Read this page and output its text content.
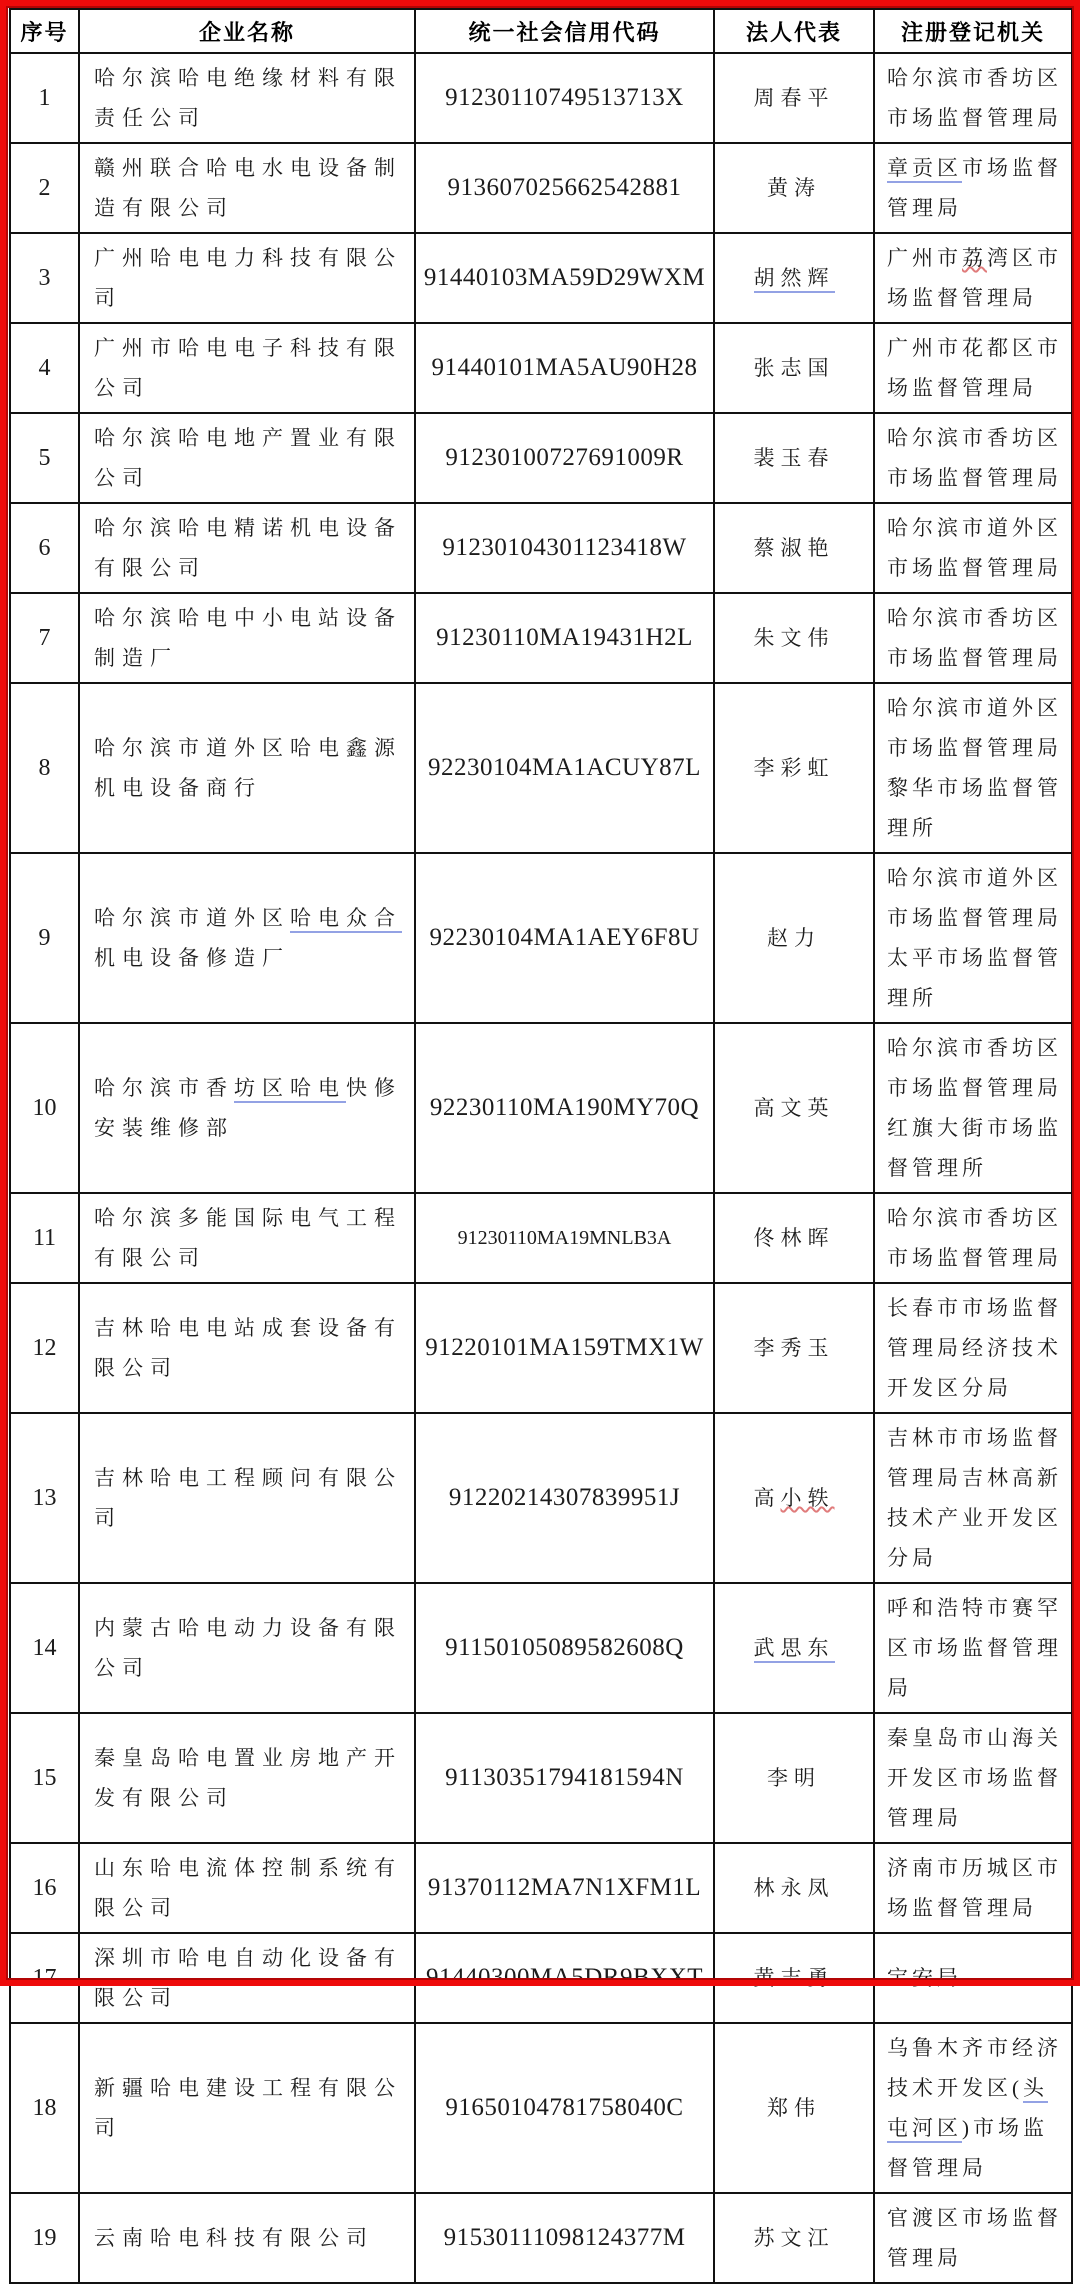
序号	企业名称	统一社会信用代码	法人代表	注册登记机关
1	哈尔滨哈电绝缘材料有限责任公司	91230110749513713X	周春平	哈尔滨市香坊区市场监督管理局
2	赣州联合哈电水电设备制造有限公司	913607025662542881	黄涛	章贡区市场监督管理局
3	广州哈电电力科技有限公司	91440103MA59D29WXM	胡然辉	广州市荔湾区市场监督管理局
4	广州市哈电电子科技有限公司	91440101MA5AU90H28	张志国	广州市花都区市场监督管理局
5	哈尔滨哈电地产置业有限公司	91230100727691009R	裴玉春	哈尔滨市香坊区市场监督管理局
6	哈尔滨哈电精诺机电设备有限公司	91230104301123418W	蔡淑艳	哈尔滨市道外区市场监督管理局
7	哈尔滨哈电中小电站设备制造厂	91230110MA19431H2L	朱文伟	哈尔滨市香坊区市场监督管理局
8	哈尔滨市道外区哈电鑫源机电设备商行	92230104MA1ACUY87L	李彩虹	哈尔滨市道外区市场监督管理局黎华市场监督管理所
9	哈尔滨市道外区哈电众合机电设备修造厂	92230104MA1AEY6F8U	赵力	哈尔滨市道外区市场监督管理局太平市场监督管理所
10	哈尔滨市香坊区哈电快修安装维修部	92230110MA190MY70Q	高文英	哈尔滨市香坊区市场监督管理局红旗大街市场监督管理所
11	哈尔滨多能国际电气工程有限公司	91230110MA19MNLB3A	佟林晖	哈尔滨市香坊区市场监督管理局
12	吉林哈电电站成套设备有限公司	91220101MA159TMX1W	李秀玉	长春市市场监督管理局经济技术开发区分局
13	吉林哈电工程顾问有限公司	91220214307839951J	高小轶	吉林市市场监督管理局吉林高新技术产业开发区分局
14	内蒙古哈电动力设备有限公司	91150105089582608Q	武思东	呼和浩特市赛罕区市场监督管理局
15	秦皇岛哈电置业房地产开发有限公司	91130351794181594N	李明	秦皇岛市山海关开发区市场监督管理局
16	山东哈电流体控制系统有限公司	91370112MA7N1XFM1L	林永凤	济南市历城区市场监督管理局
17	深圳市哈电自动化设备有限公司	91440300MA5DR9BXXT	黄志勇	宝安局
18	新疆哈电建设工程有限公司	91650104781758040C	郑伟	乌鲁木齐市经济技术开发区(头屯河区)市场监督管理局
19	云南哈电科技有限公司	91530111098124377M	苏文江	官渡区市场监督管理局
